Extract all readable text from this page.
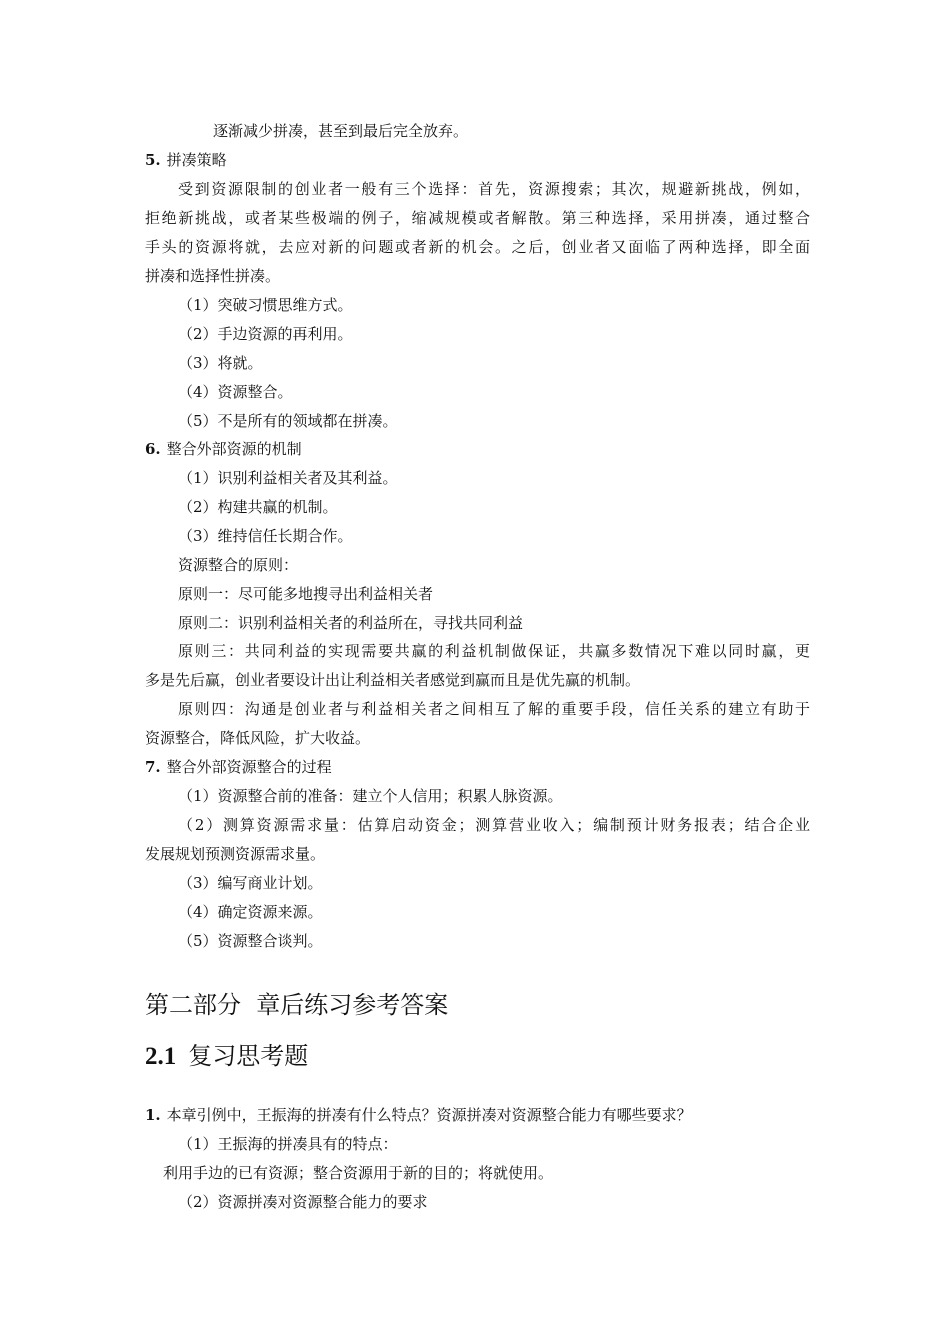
逐渐减少拼凑，甚至到最后完全放弃。
5. 拼凑策略
受到资源限制的创业者一般有三个选择：首先，资源搜索；其次，规避新挑战，例如，
拒绝新挑战，或者某些极端的例子，缩减规模或者解散。第三种选择，采用拼凑，通过整合
手头的资源将就，去应对新的问题或者新的机会。之后，创业者又面临了两种选择，即全面
拼凑和选择性拼凑。
（1）突破习惯思维方式。
（2）手边资源的再利用。
（3）将就。
（4）资源整合。
（5）不是所有的领域都在拼凑。
6. 整合外部资源的机制
（1）识别利益相关者及其利益。
（2）构建共赢的机制。
（3）维持信任长期合作。
资源整合的原则：
原则一：尽可能多地搜寻出利益相关者
原则二：识别利益相关者的利益所在，寻找共同利益
原则三：共同利益的实现需要共赢的利益机制做保证，共赢多数情况下难以同时赢，更
多是先后赢，创业者要设计出让利益相关者感觉到赢而且是优先赢的机制。
原则四：沟通是创业者与利益相关者之间相互了解的重要手段，信任关系的建立有助于
资源整合，降低风险，扩大收益。
7. 整合外部资源整合的过程
（1）资源整合前的准备：建立个人信用；积累人脉资源。
（2）测算资源需求量：估算启动资金；测算营业收入；编制预计财务报表；结合企业
发展规划预测资源需求量。
（3）编写商业计划。
（4）确定资源来源。
（5）资源整合谈判。
第二部分  章后练习参考答案
2.1 复习思考题
1. 本章引例中，王振海的拼凑有什么特点？资源拼凑对资源整合能力有哪些要求？
（1）王振海的拼凑具有的特点：
利用手边的已有资源；整合资源用于新的目的；将就使用。
（2）资源拼凑对资源整合能力的要求
